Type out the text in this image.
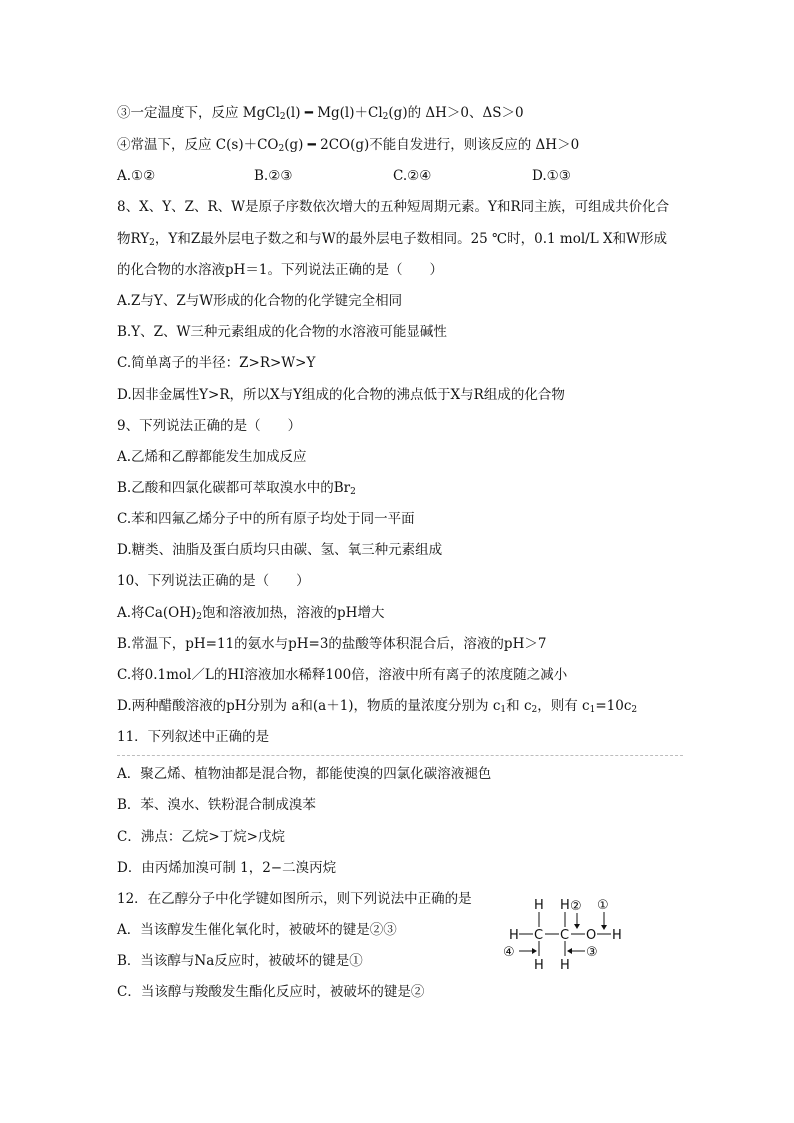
③一定温度下，反应 MgCl$_2$(l) ━ $Mg(l)+Cl_2(g)$的 ΔH＞0、ΔS＞0
④常温下，反应 $C(s)+CO_2(g)$ ━ 2CO(g)不能自发进行，则该反应的 ΔH＞0
A.①②	B.②③	C.②④	D.①③
8、X、Y、Z、R、W是原子序数依次增大的五种短周期元素。Y和R同主族，可组成共价化合
物$RY_2$，Y和Z最外层电子数之和与W的最外层电子数相同。25 ℃时，0.1 mol/L X和W形成
的化合物的水溶液pH＝1。下列说法正确的是（　　）
A.Z与Y、Z与W形成的化合物的化学键完全相同
B.Y、Z、W三种元素组成的化合物的水溶液可能显碱性
C.简单离子的半径：Z>R>W>Y
D.因非金属性Y>R，所以X与Y组成的化合物的沸点低于X与R组成的化合物
9、下列说法正确的是（　　）
A.乙烯和乙醇都能发生加成反应
B.乙酸和四氯化碳都可萃取溴水中的$Br_2$
C.苯和四氟乙烯分子中的所有原子均处于同一平面
D.糖类、油脂及蛋白质均只由碳、氢、氧三种元素组成
10、下列说法正确的是（　　）
A.将$Ca(OH)_2$饱和溶液加热，溶液的pH增大
B.常温下，pH=11的氨水与pH=3的盐酸等体积混合后，溶液的pH＞7
C.将0.1mol／L的HI溶液加水稀释100倍，溶液中所有离子的浓度随之减小
D.两种醋酸溶液的pH分别为 a和(a＋1)，物质的量浓度分别为 $c_1$和 $c_2$，则有 $c_1=10c_2$
11．下列叙述中正确的是
A．聚乙烯、植物油都是混合物，都能使溴的四氯化碳溶液褪色
B．苯、溴水、铁粉混合制成溴苯
C．沸点：乙烷>丁烷>戊烷
D．由丙烯加溴可制 1，2−二溴丙烷
12．在乙醇分子中化学键如图所示，则下列说法中正确的是
A．当该醇发生催化氧化时，被破坏的键是②③
B．当该醇与Na反应时，被破坏的键是①
C．当该醇与羧酸发生酯化反应时，被破坏的键是②
H H
H C C O H
H H
② ①
③
④
